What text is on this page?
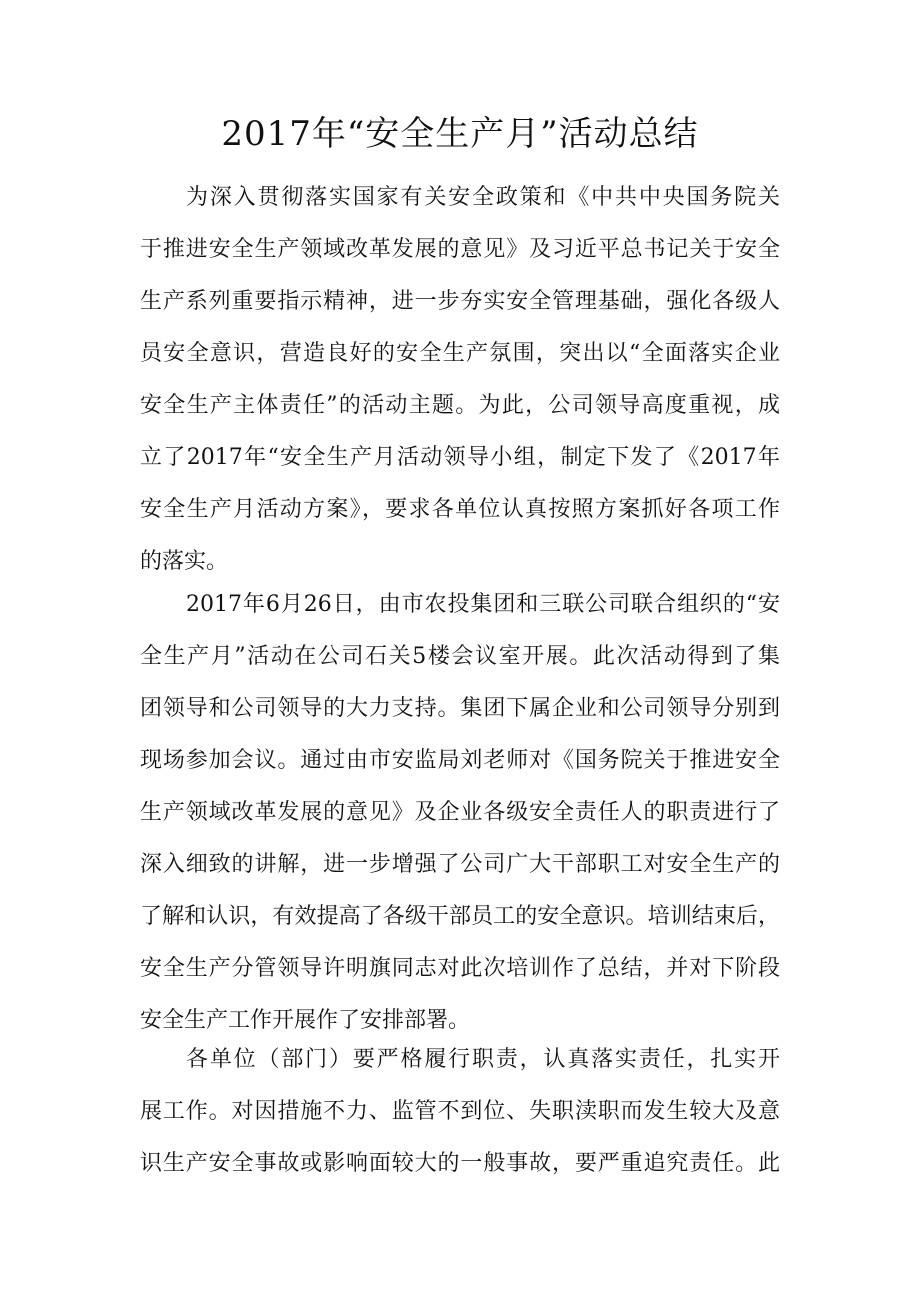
2017年“安全生产月”活动总结
为深入贯彻落实国家有关安全政策和《中共中央国务院关
于推进安全生产领域改革发展的意见》及习近平总书记关于安全
生产系列重要指示精神，进一步夯实安全管理基础，强化各级人
员安全意识，营造良好的安全生产氛围，突出以“全面落实企业
安全生产主体责任”的活动主题。为此，公司领导高度重视，成
立了2017年“安全生产月活动领导小组，制定下发了《2017年
安全生产月活动方案》，要求各单位认真按照方案抓好各项工作
的落实。
2017年6月26日，由市农投集团和三联公司联合组织的“安
全生产月”活动在公司石关5楼会议室开展。此次活动得到了集
团领导和公司领导的大力支持。集团下属企业和公司领导分别到
现场参加会议。通过由市安监局刘老师对《国务院关于推进安全
生产领域改革发展的意见》及企业各级安全责任人的职责进行了
深入细致的讲解，进一步增强了公司广大干部职工对安全生产的
了解和认识，有效提高了各级干部员工的安全意识。培训结束后，
安全生产分管领导许明旗同志对此次培训作了总结，并对下阶段
安全生产工作开展作了安排部署。
各单位（部门）要严格履行职责，认真落实责任，扎实开
展工作。对因措施不力、监管不到位、失职渎职而发生较大及意
识生产安全事故或影响面较大的一般事故，要严重追究责任。此
